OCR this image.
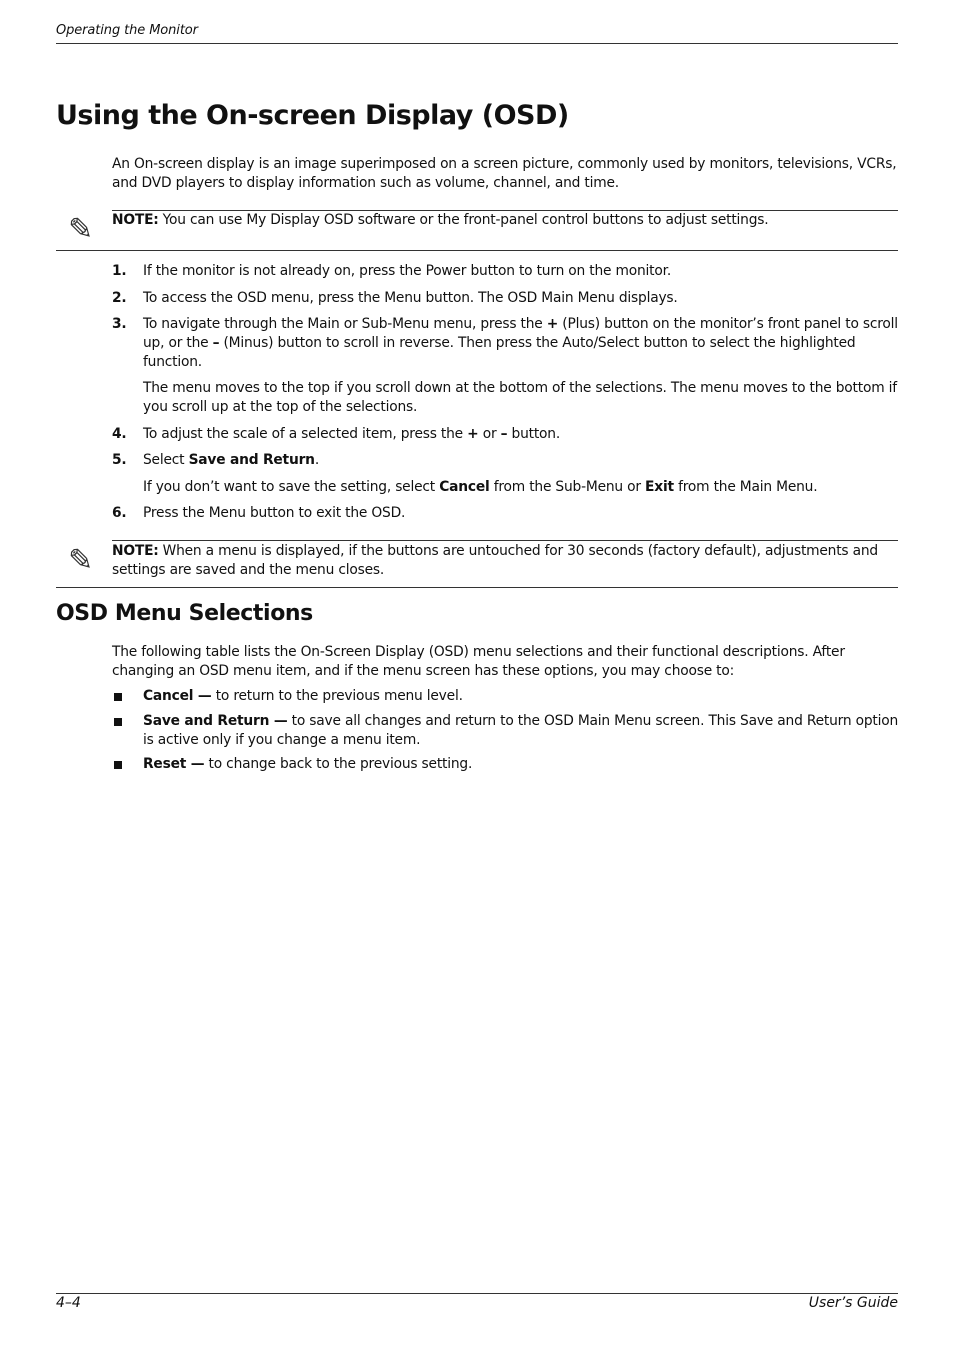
Operating the Monitor
Using the On-screen Display (OSD)

An On-screen display is an image superimposed on a screen picture, commonly used by monitors, televisions, VCRs, and DVD players to display information such as volume, channel, and time.

✎	NOTE: You can use My Display OSD software or the front-panel control buttons to adjust settings.

1. If the monitor is not already on, press the Power button to turn on the monitor.

2. To access the OSD menu, press the Menu button. The OSD Main Menu displays.

3. To navigate through the Main or Sub-Menu menu, press the + (Plus) button on the monitor’s front panel to scroll up, or the – (Minus) button to scroll in reverse. Then press the Auto/Select button to select the highlighted function.

The menu moves to the top if you scroll down at the bottom of the selections. The menu moves to the bottom if you scroll up at the top of the selections.

4. To adjust the scale of a selected item, press the + or – button.

5. Select Save and Return.

If you don’t want to save the setting, select Cancel from the Sub-Menu or Exit from the Main Menu.

6. Press the Menu button to exit the OSD.

✎	NOTE: When a menu is displayed, if the buttons are untouched for 30 seconds (factory default), adjustments and settings are saved and the menu closes.

OSD Menu Selections

The following table lists the On-Screen Display (OSD) menu selections and their functional descriptions. After changing an OSD menu item, and if the menu screen has these options, you may choose to:

Cancel — to return to the previous menu level.

Save and Return — to save all changes and return to the OSD Main Menu screen. This Save and Return option is active only if you change a menu item.

Reset — to change back to the previous setting.

4–4	User’s Guide
